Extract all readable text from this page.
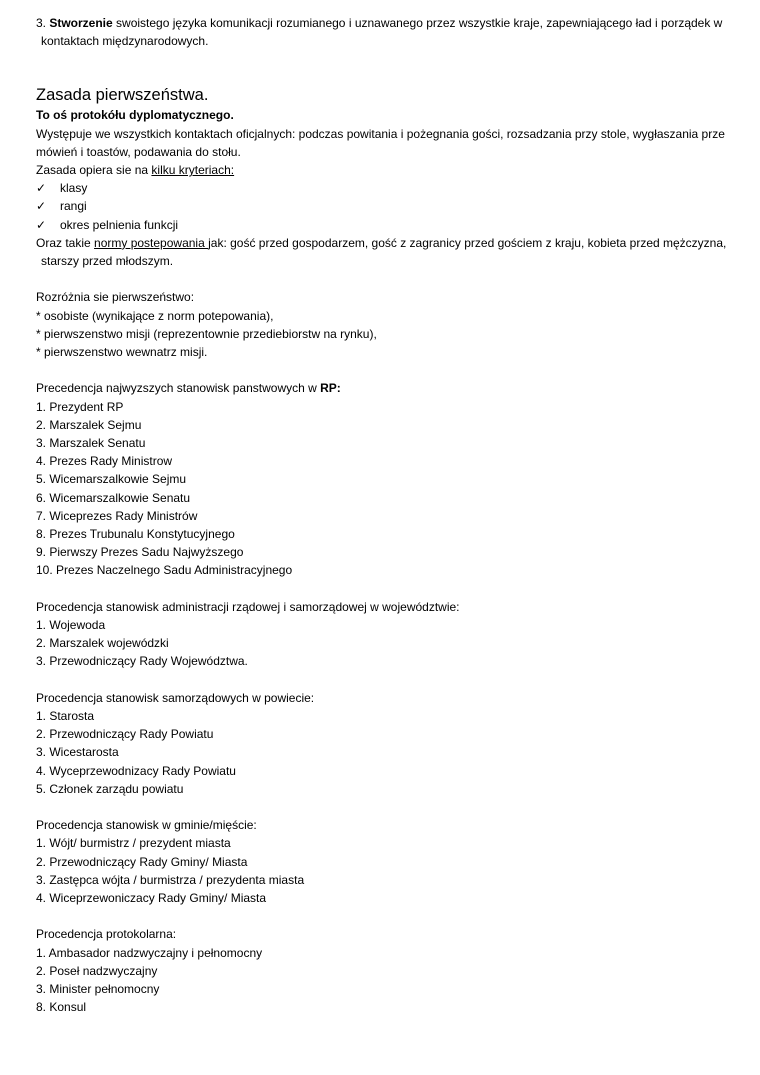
3. Stworzenie swoistego języka komunikacji rozumianego i uznawanego przez wszystkie kraje, zapewniającego ład i porządek w
kontaktach międzynarodowych.
Zasada pierwszeństwa.
To oś protokółu dyplomatycznego.
Występuje we wszystkich kontaktach oficjalnych: podczas powitania i pożegnania gości, rozsadzania przy stole, wygłaszania prze
mówień i toastów, podawania do stołu.
Zasada opiera sie na kilku kryteriach:
✓ klasy
✓ rangi
✓ okres pelnienia funkcji
Oraz takie normy postepowania jak: gość przed gospodarzem, gość z zagranicy przed gościem z kraju, kobieta przed mężczyzna,
starszy przed młodszym.
Rozróżnia sie pierwszeństwo:
* osobiste (wynikające z norm potepowania),
* pierwszenstwo misji (reprezentownie przediebiorstw na rynku),
* pierwszenstwo wewnatrz misji.
Precedencja najwyzszych stanowisk panstwowych w RP:
1. Prezydent RP
2. Marszalek Sejmu
3. Marszalek Senatu
4. Prezes Rady Ministrow
5. Wicemarszalkowie Sejmu
6. Wicemarszalkowie Senatu
7. Wiceprezes Rady Ministrów
8. Prezes Trubunalu Konstytucyjnego
9. Pierwszy Prezes Sadu Najwyższego
10. Prezes Naczelnego Sadu Administracyjnego
Procedencja stanowisk administracji rządowej i samorządowej w województwie:
1. Wojewoda
2. Marszalek wojewódzki
3. Przewodniczący Rady Województwa.
Procedencja stanowisk samorządowych w powiecie:
1. Starosta
2. Przewodniczący Rady Powiatu
3. Wicestarosta
4. Wyceprzewodnizacy Rady Powiatu
5. Członek zarządu powiatu
Procedencja stanowisk w gminie/mięście:
1. Wójt/ burmistrz / prezydent miasta
2. Przewodniczący Rady Gminy/ Miasta
3. Zastępca wójta / burmistrza / prezydenta miasta
4. Wiceprzewoniczacy Rady Gminy/ Miasta
Procedencja protokolarna:
1. Ambasador nadzwyczajny i pełnomocny
2. Poseł nadzwyczajny
3. Minister pełnomocny
8. Konsul
